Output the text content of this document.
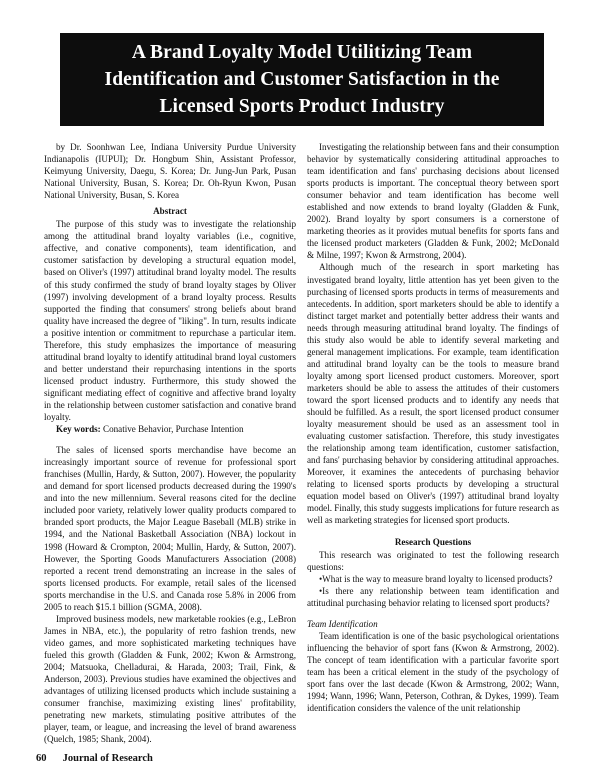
A Brand Loyalty Model Utilitizing Team
Identification and Customer Satisfaction in the
Licensed Sports Product Industry

by Dr. Soonhwan Lee, Indiana University Purdue University Indianapolis (IUPUI); Dr. Hongbum Shin, Assistant Professor, Keimyung University, Daegu, S. Korea; Dr. Jung-Jun Park, Pusan National University, Busan, S. Korea; Dr. Oh-Ryun Kwon, Pusan National University, Busan, S. Korea

Abstract

The purpose of this study was to investigate the relationship among the attitudinal brand loyalty variables (i.e., cognitive, affective, and conative components), team identification, and customer satisfaction by developing a structural equation model, based on Oliver's (1997) attitudinal brand loyalty model. The results of this study confirmed the study of brand loyalty stages by Oliver (1997) involving development of a brand loyalty process. Results supported the finding that consumers' strong beliefs about brand quality have increased the degree of "liking". In turn, results indicate a positive intention or commitment to repurchase a particular item. Therefore, this study emphasizes the importance of measuring attitudinal brand loyalty to identify attitudinal brand loyal customers and better understand their repurchasing intentions in the sports licensed product industry. Furthermore, this study showed the significant mediating effect of cognitive and affective brand loyalty in the relationship between customer satisfaction and conative brand loyalty.

Key words: Conative Behavior, Purchase Intention

The sales of licensed sports merchandise have become an increasingly important source of revenue for professional sport franchises (Mullin, Hardy, & Sutton, 2007). However, the popularity and demand for sport licensed products decreased during the 1990's and into the new millennium. Several reasons cited for the decline included poor variety, relatively lower quality products compared to branded sport products, the Major League Baseball (MLB) strike in 1994, and the National Basketball Association (NBA) lockout in 1998 (Howard & Crompton, 2004; Mullin, Hardy, & Sutton, 2007). However, the Sporting Goods Manufacturers Association (2008) reported a recent trend demonstrating an increase in the sales of sports licensed products. For example, retail sales of the licensed sports merchandise in the U.S. and Canada rose 5.8% in 2006 from 2005 to reach $15.1 billion (SGMA, 2008).

Improved business models, new marketable rookies (e.g., LeBron James in NBA, etc.), the popularity of retro fashion trends, new video games, and more sophisticated marketing techniques have fueled this growth (Gladden & Funk, 2002; Kwon & Armstrong, 2004; Matsuoka, Chelladurai, & Harada, 2003; Trail, Fink, & Anderson, 2003). Previous studies have examined the objectives and advantages of utilizing licensed products which include sustaining a consumer franchise, maximizing existing lines' profitability, penetrating new markets, stimulating positive attributes of the player, team, or league, and increasing the level of brand awareness (Quelch, 1985; Shank, 2004).

Investigating the relationship between fans and their consumption behavior by systematically considering attitudinal approaches to team identification and fans' purchasing decisions about licensed sports products is important. The conceptual theory between sport consumer behavior and team identification has become well established and now extends to brand loyalty (Gladden & Funk, 2002). Brand loyalty by sport consumers is a cornerstone of marketing theories as it provides mutual benefits for sports fans and the licensed product marketers (Gladden & Funk, 2002; McDonald & Milne, 1997; Kwon & Armstrong, 2004).

Although much of the research in sport marketing has investigated brand loyalty, little attention has yet been given to the purchasing of licensed sports products in terms of measurements and antecedents. In addition, sport marketers should be able to identify a distinct target market and potentially better address their wants and needs through measuring attitudinal brand loyalty. The findings of this study also would be able to identify several marketing and general management implications. For example, team identification and attitudinal brand loyalty can be the tools to measure brand loyalty among sport licensed product customers. Moreover, sport marketers should be able to assess the attitudes of their customers toward the sport licensed products and to identify any needs that should be fulfilled. As a result, the sport licensed product consumer loyalty measurement should be used as an assessment tool in evaluating customer satisfaction. Therefore, this study investigates the relationship among team identification, customer satisfaction, and fans' purchasing behavior by considering attitudinal approaches. Moreover, it examines the antecedents of purchasing behavior relating to licensed sports products by developing a structural equation model based on Oliver's (1997) attitudinal brand loyalty model. Finally, this study suggests implications for future research as well as marketing strategies for licensed sport products.

Research Questions

This research was originated to test the following research questions:

•What is the way to measure brand loyalty to licensed products?

•Is there any relationship between team identification and attitudinal purchasing behavior relating to licensed sport products?

Team Identification

Team identification is one of the basic psychological orientations influencing the behavior of sport fans (Kwon & Armstrong, 2002). The concept of team identification with a particular favorite sport team has been a critical element in the study of the psychology of sport fans over the last decade (Kwon & Armstrong, 2002; Wann, 1994; Wann, 1996; Wann, Peterson, Cothran, & Dykes, 1999). Team identification considers the valence of the unit relationship

60 Journal of Research
